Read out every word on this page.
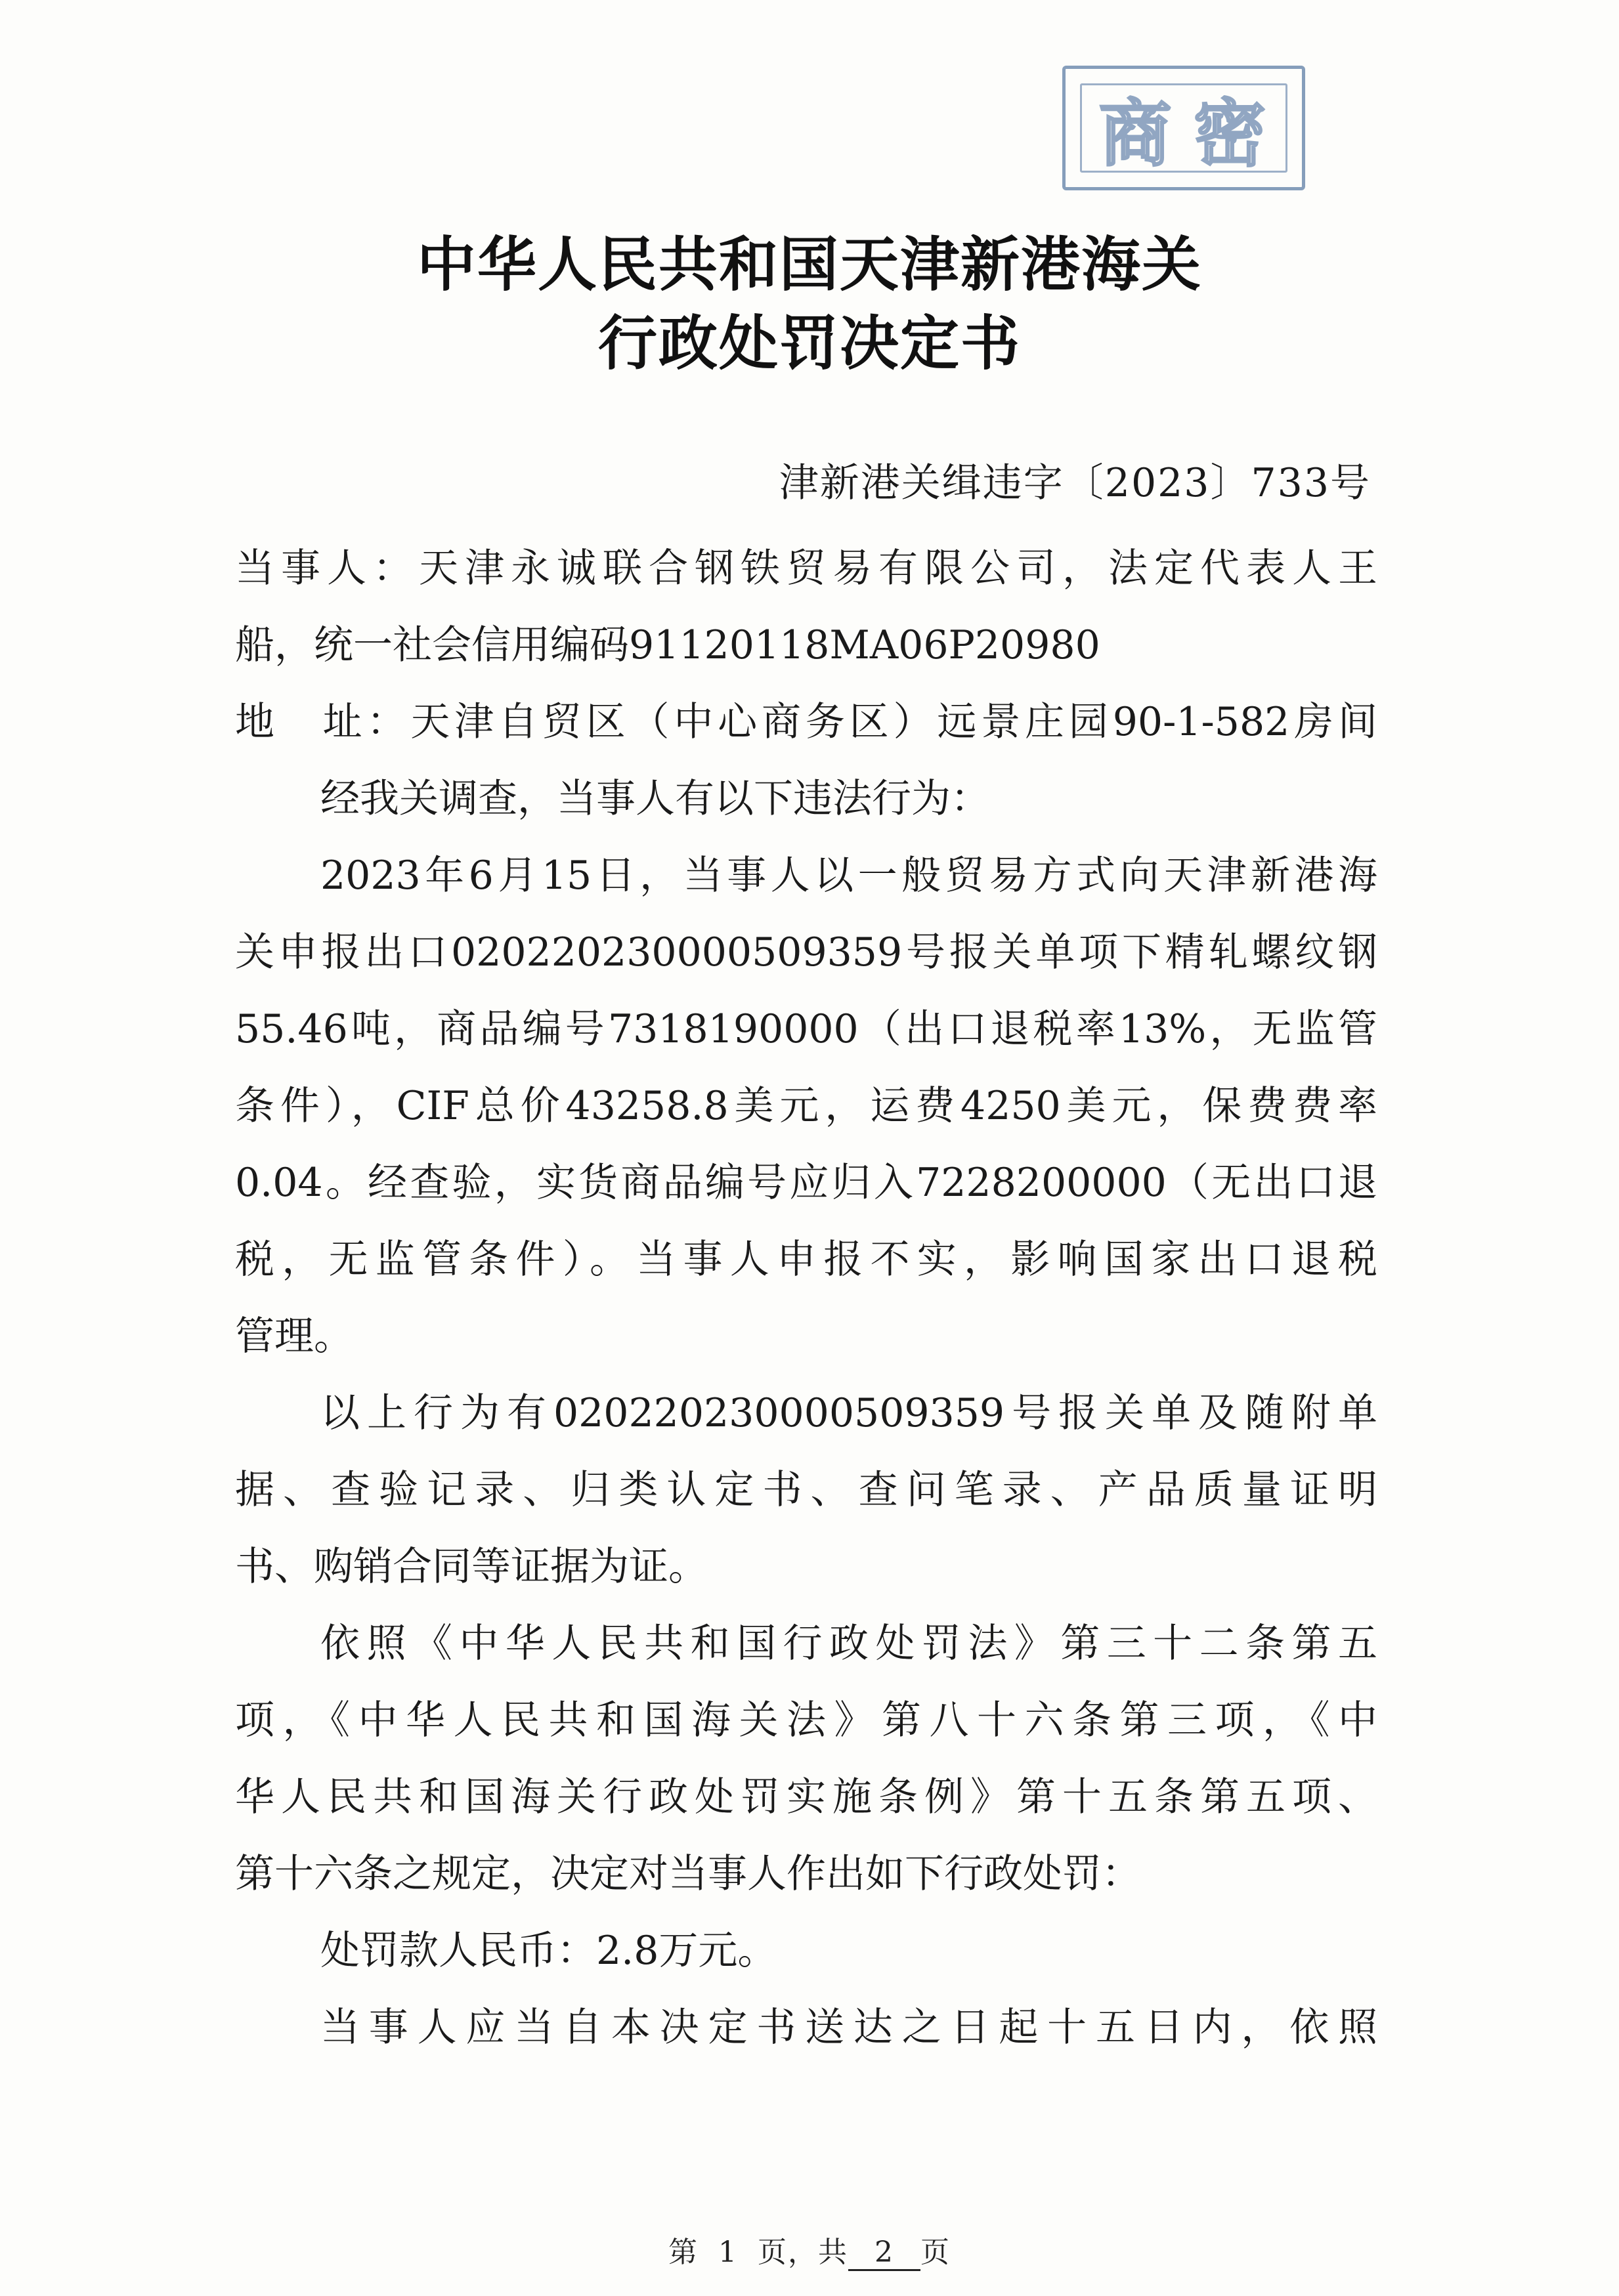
商 密
中华人民共和国天津新港海关
行政处罚决定书
津新港关缉违字〔2023〕733号
当事人：天津永诚联合钢铁贸易有限公司，法定代表人王
船，统一社会信用编码91120118MA06P20980
地　址：天津自贸区（中心商务区）远景庄园90-1-582房间
经我关调查，当事人有以下违法行为：
2023年6月15日，当事人以一般贸易方式向天津新港海
关申报出口020220230000509359号报关单项下精轧螺纹钢
55.46吨，商品编号7318190000（出口退税率13%，无监管
条件），CIF总价43258.8美元，运费4250美元，保费费率
0.04。经查验，实货商品编号应归入7228200000（无出口退
税，无监管条件）。当事人申报不实，影响国家出口退税
管理。
以上行为有020220230000509359号报关单及随附单
据、查验记录、归类认定书、查问笔录、产品质量证明
书、购销合同等证据为证。
依照《中华人民共和国行政处罚法》第三十二条第五
项，《中华人民共和国海关法》第八十六条第三项，《中
华人民共和国海关行政处罚实施条例》第十五条第五项、
第十六条之规定，决定对当事人作出如下行政处罚：
处罚款人民币：2.8万元。
当事人应当自本决定书送达之日起十五日内，依照
第 1 页，共 2 页
